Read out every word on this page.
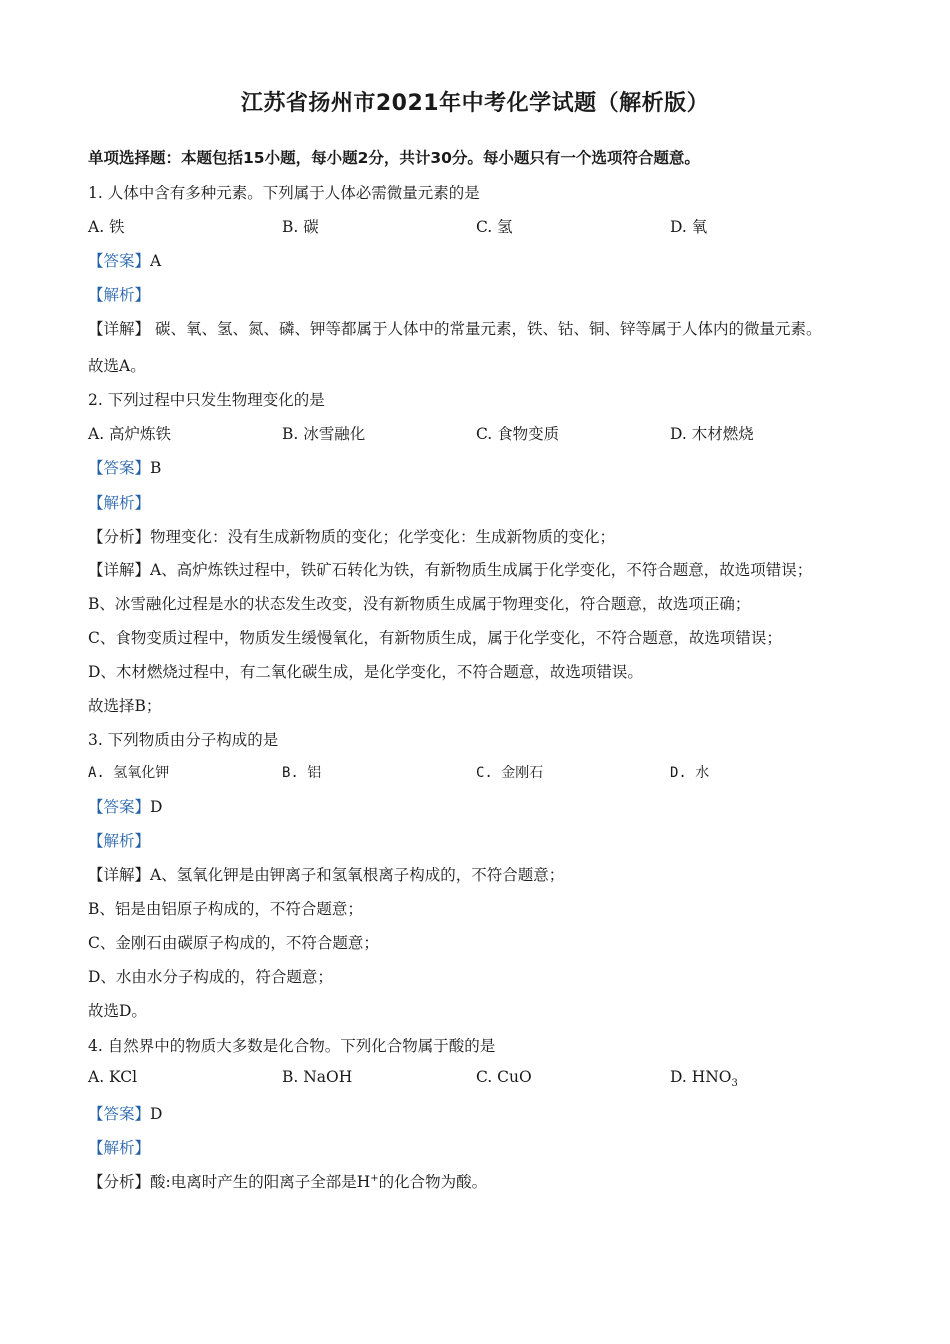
江苏省扬州市2021年中考化学试题（解析版）
单项选择题：本题包括15小题，每小题2分，共计30分。每小题只有一个选项符合题意。
1. 人体中含有多种元素。下列属于人体必需微量元素的是
A. 铁	B. 碳	C. 氢	D. 氧
【答案】A
【解析】
【详解】 碳、氧、氢、氮、磷、钾等都属于人体中的常量元素，铁、钴、铜、锌等属于人体内的微量元素。
故选A。
2. 下列过程中只发生物理变化的是
A. 高炉炼铁	B. 冰雪融化	C. 食物变质	D. 木材燃烧
【答案】B
【解析】
【分析】物理变化：没有生成新物质的变化；化学变化：生成新物质的变化；
【详解】A、高炉炼铁过程中，铁矿石转化为铁，有新物质生成属于化学变化，不符合题意，故选项错误；
B、冰雪融化过程是水的状态发生改变，没有新物质生成属于物理变化，符合题意，故选项正确；
C、食物变质过程中，物质发生缓慢氧化，有新物质生成，属于化学变化，不符合题意，故选项错误；
D、木材燃烧过程中，有二氧化碳生成，是化学变化，不符合题意，故选项错误。
故选择B；
3. 下列物质由分子构成的是
A. 氢氧化钾	B. 铝	C. 金刚石	D. 水
【答案】D
【解析】
【详解】A、氢氧化钾是由钾离子和氢氧根离子构成的，不符合题意；
B、铝是由铝原子构成的，不符合题意；
C、金刚石由碳原子构成的，不符合题意；
D、水由水分子构成的，符合题意；
故选D。
4. 自然界中的物质大多数是化合物。下列化合物属于酸的是
A. KCl	B. NaOH	C. CuO	D. $HNO_3$
【答案】D
【解析】
【分析】酸:电离时产生的阳离子全部是H+的化合物为酸。
